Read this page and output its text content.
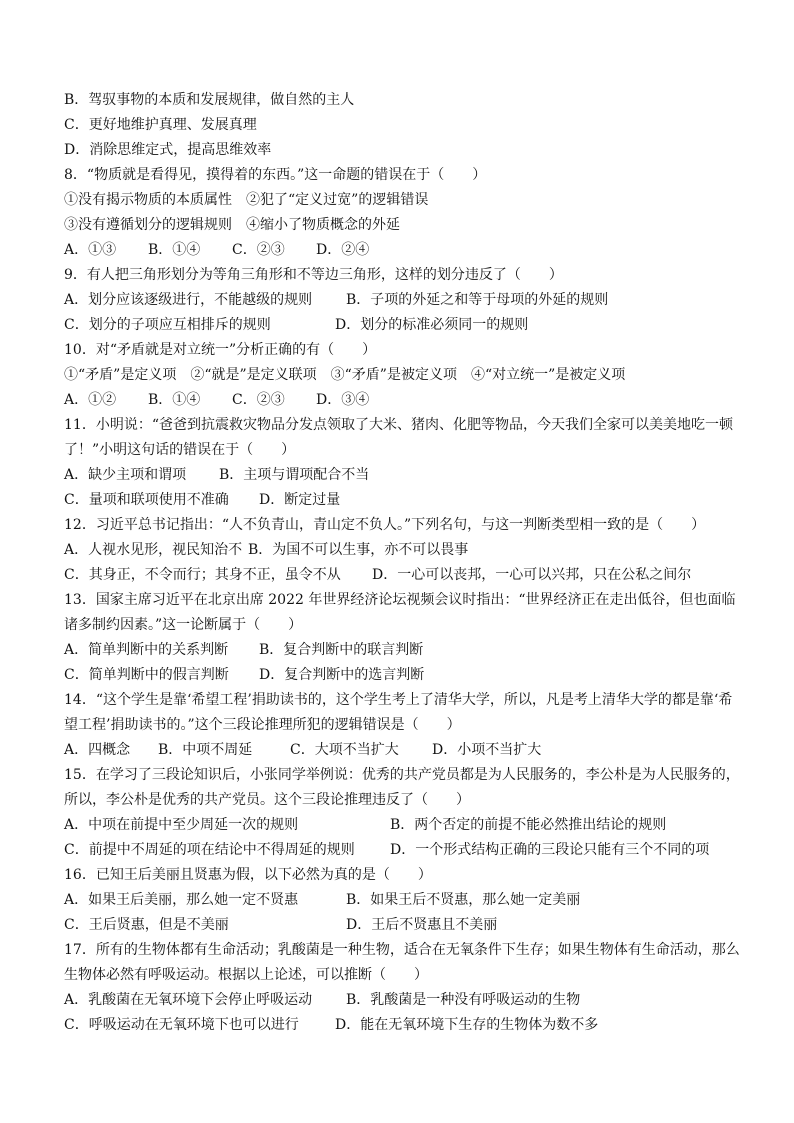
B．驾驭事物的本质和发展规律，做自然的主人
C．更好地维护真理、发展真理
D．消除思维定式，提高思维效率
8．“物质就是看得见，摸得着的东西。”这一命题的错误在于（　　）
①没有揭示物质的本质属性　②犯了“定义过宽”的逻辑错误
③没有遵循划分的逻辑规则　④缩小了物质概念的外延
A．①③ B．①④ C．②③ D．②④
9．有人把三角形划分为等角三角形和不等边三角形，这样的划分违反了（　　）
A．划分应该逐级进行，不能越级的规则 B．子项的外延之和等于母项的外延的规则
C．划分的子项应互相排斥的规则	D．划分的标准必须同一的规则
10．对“矛盾就是对立统一”分析正确的有（　　）
①“矛盾”是定义项　②“就是”是定义联项　③“矛盾”是被定义项　④“对立统一”是被定义项
A．①② B．①④ C．②③ D．③④
11．小明说：“爸爸到抗震救灾物品分发点领取了大米、猪肉、化肥等物品，今天我们全家可以美美地吃一顿
了！”小明这句话的错误在于（　　）
A．缺少主项和谓项 B．主项与谓项配合不当
C．量项和联项使用不准确 D．断定过量
12．习近平总书记指出：“人不负青山，青山定不负人。”下列名句，与这一判断类型相一致的是（　　）
A．人视水见形，视民知治不 B．为国不可以生事，亦不可以畏事
C．其身正，不令而行；其身不正，虽令不从 D．一心可以丧邦，一心可以兴邦，只在公私之间尔
13．国家主席习近平在北京出席 2022 年世界经济论坛视频会议时指出：“世界经济正在走出低谷，但也面临
诸多制约因素。”这一论断属于（　　）
A．简单判断中的关系判断 B．复合判断中的联言判断
C．简单判断中的假言判断 D．复合判断中的选言判断
14．“这个学生是靠‘希望工程’捐助读书的，这个学生考上了清华大学，所以，凡是考上清华大学的都是靠‘希
望工程’捐助读书的。”这个三段论推理所犯的逻辑错误是（　　）
A．四概念 B．中项不周延	C．大项不当扩大 D．小项不当扩大
15．在学习了三段论知识后，小张同学举例说：优秀的共产党员都是为人民服务的，李公朴是为人民服务的，
所以，李公朴是优秀的共产党员。这个三段论推理违反了（　　）
A．中项在前提中至少周延一次的规则	B．两个否定的前提不能必然推出结论的规则
C．前提中不周延的项在结论中不得周延的规则	D．一个形式结构正确的三段论只能有三个不同的项
16．已知王后美丽且贤惠为假，以下必然为真的是（　　）
A．如果王后美丽，那么她一定不贤惠	B．如果王后不贤惠，那么她一定美丽
C．王后贤惠，但是不美丽	D．王后不贤惠且不美丽
17．所有的生物体都有生命活动；乳酸菌是一种生物，适合在无氧条件下生存；如果生物体有生命活动，那么
生物体必然有呼吸运动。根据以上论述，可以推断（　　）
A．乳酸菌在无氧环境下会停止呼吸运动 B．乳酸菌是一种没有呼吸运动的生物
C．呼吸运动在无氧环境下也可以进行	D．能在无氧环境下生存的生物体为数不多
